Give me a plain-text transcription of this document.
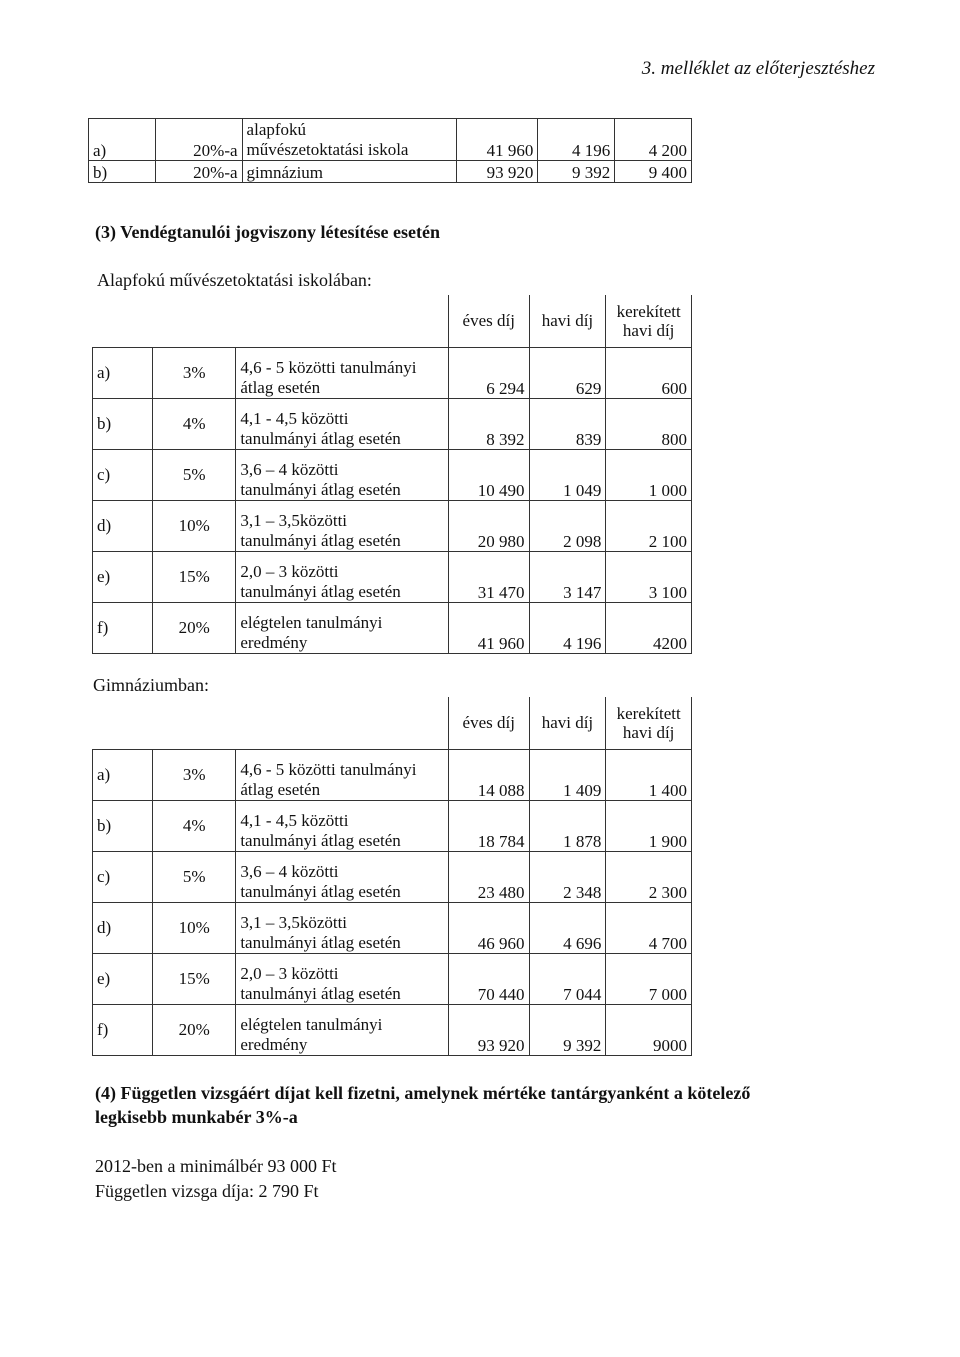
3. melléklet az előterjesztéshez
a)	20%-a	alapfokú
művészetoktatási iskola	41 960	4 196	4 200
b)	20%-a	gimnázium	93 920	9 392	9 400
(3) Vendégtanulói jogviszony létesítése esetén
Alapfokú művészetoktatási iskolában:
			éves díj	havi díj	kerekített
havi díj

a)	3%	4,6 - 5 közötti tanulmányi
átlag esetén	6 294	629	600
b)	4%	4,1 - 4,5 közötti
tanulmányi átlag esetén	8 392	839	800
c)	5%	3,6 – 4 közötti
tanulmányi átlag esetén	10 490	1 049	1 000
d)	10%	3,1 – 3,5közötti
tanulmányi átlag esetén	20 980	2 098	2 100
e)	15%	2,0 – 3 közötti
tanulmányi átlag esetén	31 470	3 147	3 100
f)	20%	elégtelen tanulmányi
eredmény	41 960	4 196	4200
Gimnáziumban:
			éves díj	havi díj	kerekített
havi díj

a)	3%	4,6 - 5 közötti tanulmányi
átlag esetén	14 088	1 409	1 400
b)	4%	4,1 - 4,5 közötti
tanulmányi átlag esetén	18 784	1 878	1 900
c)	5%	3,6 – 4 közötti
tanulmányi átlag esetén	23 480	2 348	2 300
d)	10%	3,1 – 3,5közötti
tanulmányi átlag esetén	46 960	4 696	4 700
e)	15%	2,0 – 3 közötti
tanulmányi átlag esetén	70 440	7 044	7 000
f)	20%	elégtelen tanulmányi
eredmény	93 920	9 392	9000

(4) Független vizsgáért díjat kell fizetni, amelynek mértéke tantárgyanként a kötelező

legkisebb munkabér 3%-a

2012-ben a minimálbér 93 000 Ft

Független vizsga díja: 2 790 Ft
